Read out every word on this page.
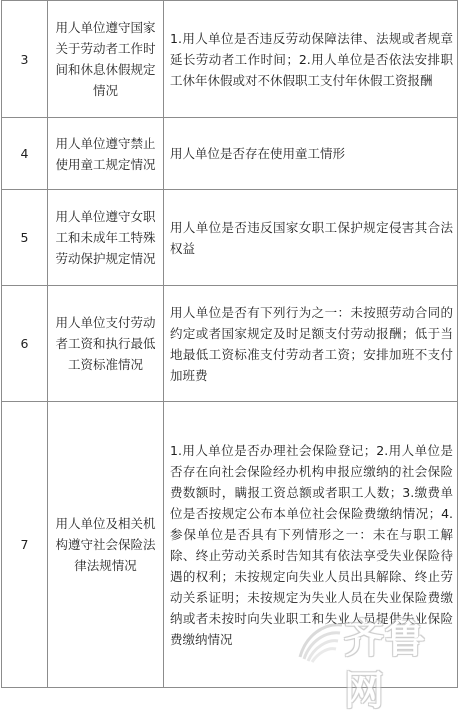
3	用人单位遵守国家关于劳动者工作时间和休息休假规定情况	1.用人单位是否违反劳动保障法律、法规或者规章延长劳动者工作时间；2.用人单位是否依法安排职工休年休假或对不休假职工支付年休假工资报酬
4	用人单位遵守禁止使用童工规定情况	用人单位是否存在使用童工情形
5	用人单位遵守女职工和未成年工特殊劳动保护规定情况	用人单位是否违反国家女职工保护规定侵害其合法权益
6	用人单位支付劳动者工资和执行最低工资标准情况	用人单位是否有下列行为之一：未按照劳动合同的约定或者国家规定及时足额支付劳动报酬；低于当地最低工资标准支付劳动者工资；安排加班不支付加班费
7	用人单位及相关机构遵守社会保险法律法规情况	1.用人单位是否办理社会保险登记；2.用人单位是否存在向社会保险经办机构申报应缴纳的社会保险费数额时，瞒报工资总额或者职工人数；3.缴费单位是否按规定公布本单位社会保险费缴纳情况；4.参保单位是否具有下列情形之一：未在与职工解除、终止劳动关系时告知其有依法享受失业保险待遇的权利；未按规定向失业人员出具解除、终止劳动关系证明；未按规定为失业人员在失业保险费缴纳或者未按时向失业职工和失业人员提供失业保险费缴纳情况	齐鲁网
